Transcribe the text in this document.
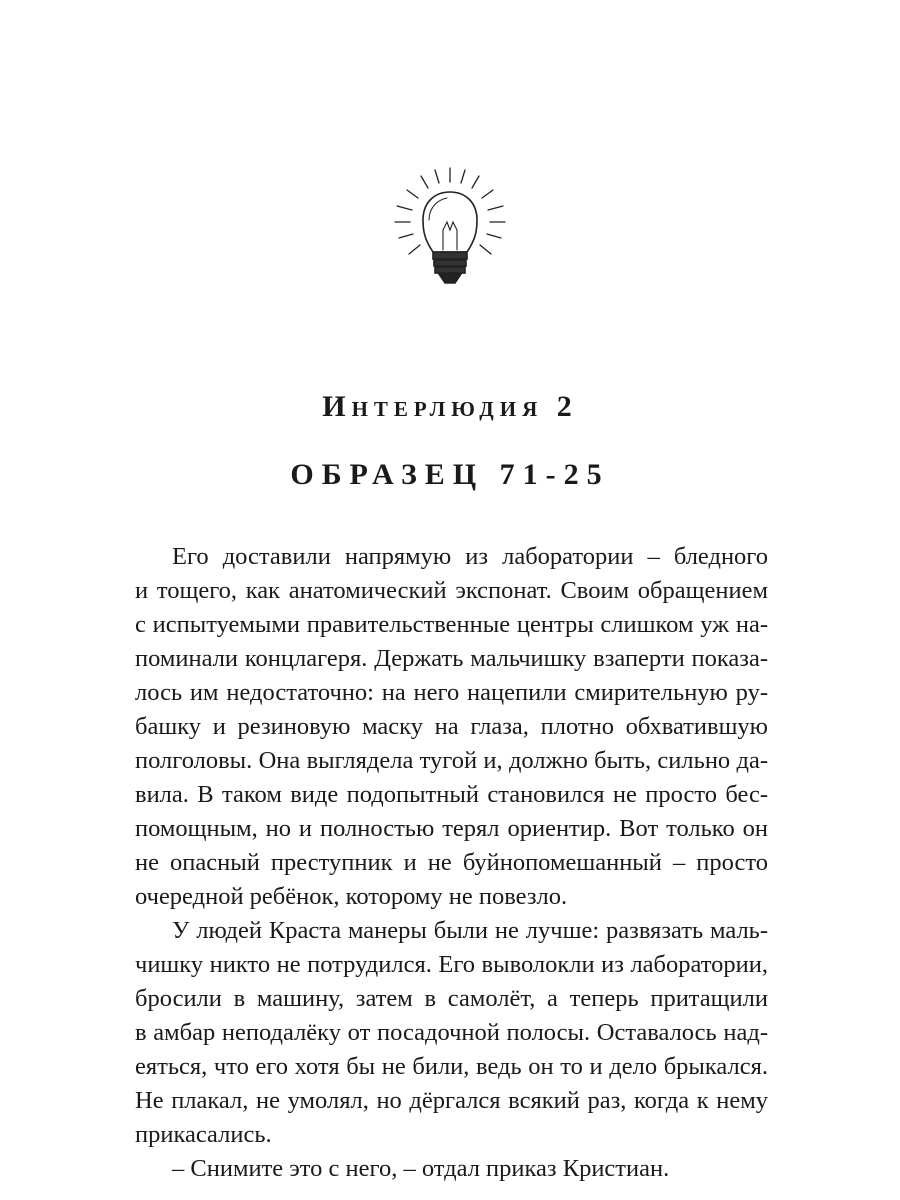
Интерлюдия 2
ОБРАЗЕЦ 71-25
Его доставили напрямую из лаборатории – бледного
и тощего, как анатомический экспонат. Своим обращением
с испытуемыми правительственные центры слишком уж на-
поминали концлагеря. Держать мальчишку взаперти показа-
лось им недостаточно: на него нацепили смирительную ру-
башку и резиновую маску на глаза, плотно обхватившую
полголовы. Она выглядела тугой и, должно быть, сильно да-
вила. В таком виде подопытный становился не просто бес-
помощным, но и полностью терял ориентир. Вот только он
не опасный преступник и не буйнопомешанный – просто
очередной ребёнок, которому не повезло.
У людей Краста манеры были не лучше: развязать маль-
чишку никто не потрудился. Его выволокли из лаборатории,
бросили в машину, затем в самолёт, а теперь притащили
в амбар неподалёку от посадочной полосы. Оставалось над-
еяться, что его хотя бы не били, ведь он то и дело брыкался.
Не плакал, не умолял, но дёргался всякий раз, когда к нему
прикасались.
– Снимите это с него, – отдал приказ Кристиан.
